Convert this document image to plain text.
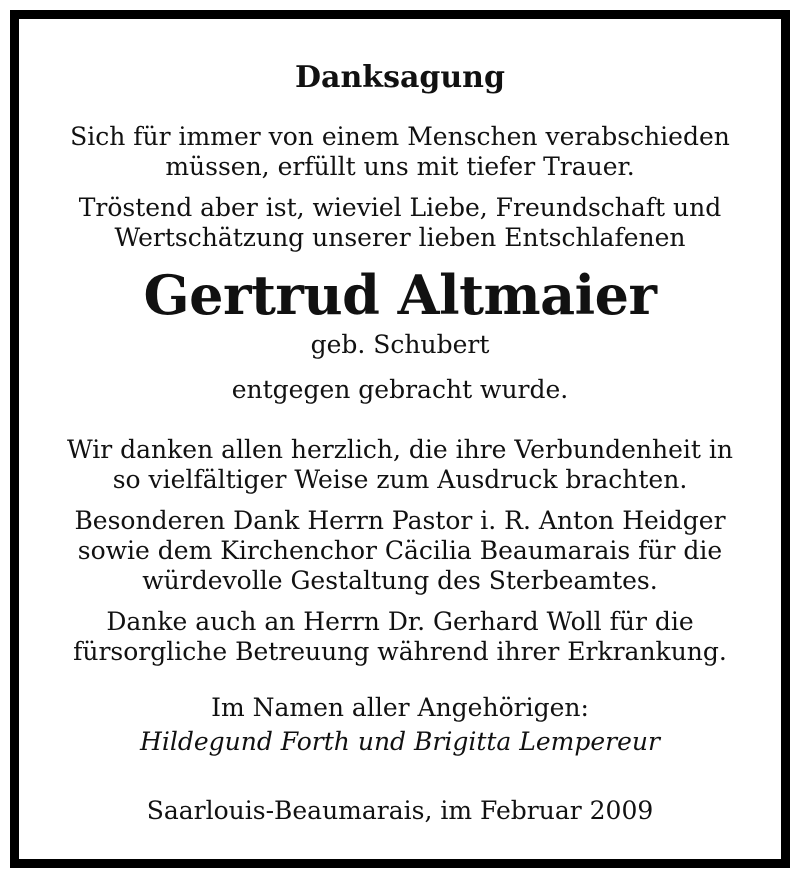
Danksagung
Sich für immer von einem Menschen verabschieden
müssen, erfüllt uns mit tiefer Trauer.
Tröstend aber ist, wieviel Liebe, Freundschaft und
Wertschätzung unserer lieben Entschlafenen
Gertrud Altmaier
geb. Schubert
entgegen gebracht wurde.
Wir danken allen herzlich, die ihre Verbundenheit in
so vielfältiger Weise zum Ausdruck brachten.
Besonderen Dank Herrn Pastor i. R. Anton Heidger
sowie dem Kirchenchor Cäcilia Beaumarais für die
würdevolle Gestaltung des Sterbeamtes.
Danke auch an Herrn Dr. Gerhard Woll für die
fürsorgliche Betreuung während ihrer Erkrankung.
Im Namen aller Angehörigen:
Hildegund Forth und Brigitta Lempereur
Saarlouis-Beaumarais, im Februar 2009
